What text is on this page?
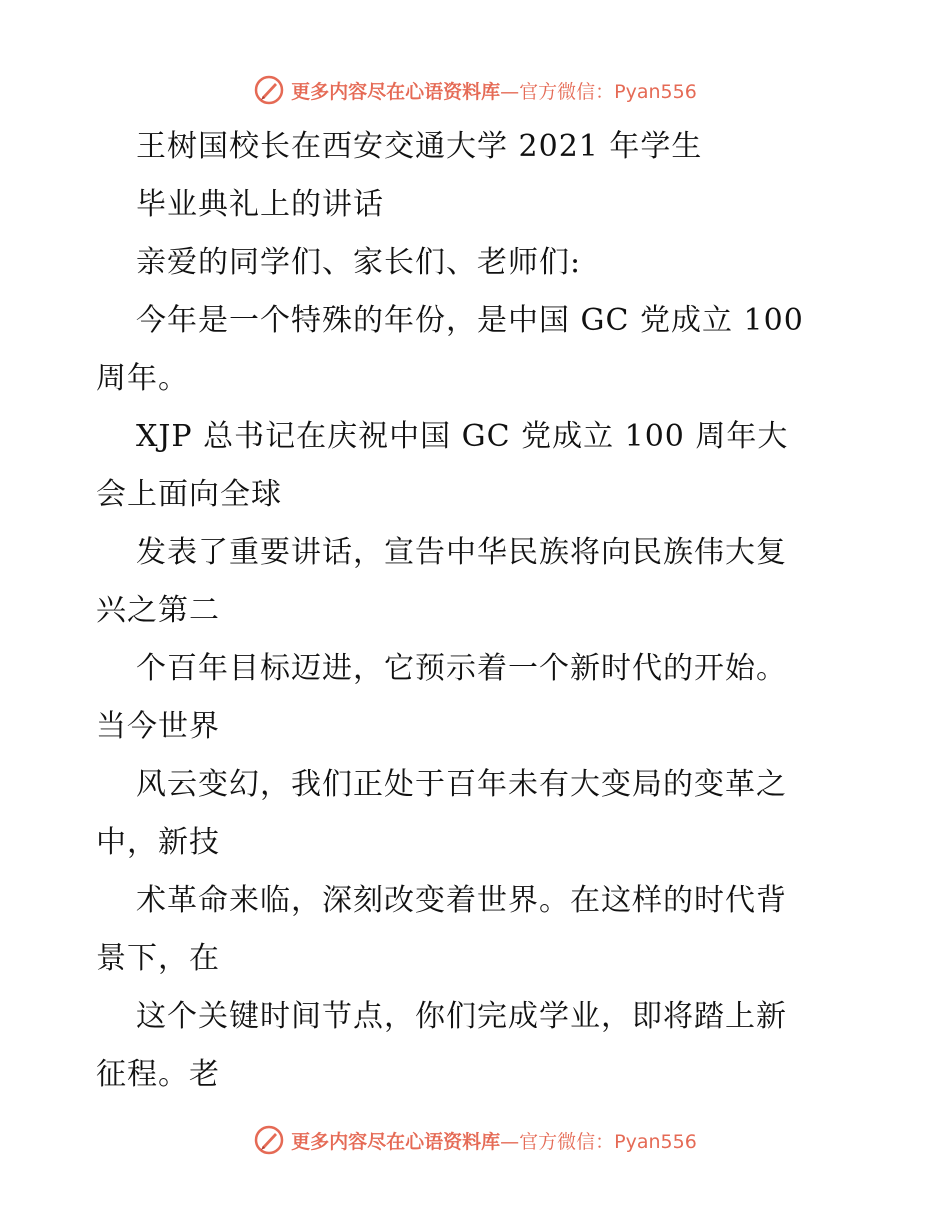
更多内容尽在心语资料库 —官方微信：Pyan556
王树国校长在西安交通大学 2021 年学生
毕业典礼上的讲话
亲爱的同学们、家长们、老师们:
今年是一个特殊的年份，是中国 GC 党成立 100
周年。
XJP 总书记在庆祝中国 GC 党成立 100 周年大
会上面向全球
发表了重要讲话，宣告中华民族将向民族伟大复
兴之第二
个百年目标迈进，它预示着一个新时代的开始。
当今世界
风云变幻，我们正处于百年未有大变局的变革之
中，新技
术革命来临，深刻改变着世界。在这样的时代背
景下，在
这个关键时间节点，你们完成学业，即将踏上新
征程。老
更多内容尽在心语资料库 —官方微信：Pyan556
